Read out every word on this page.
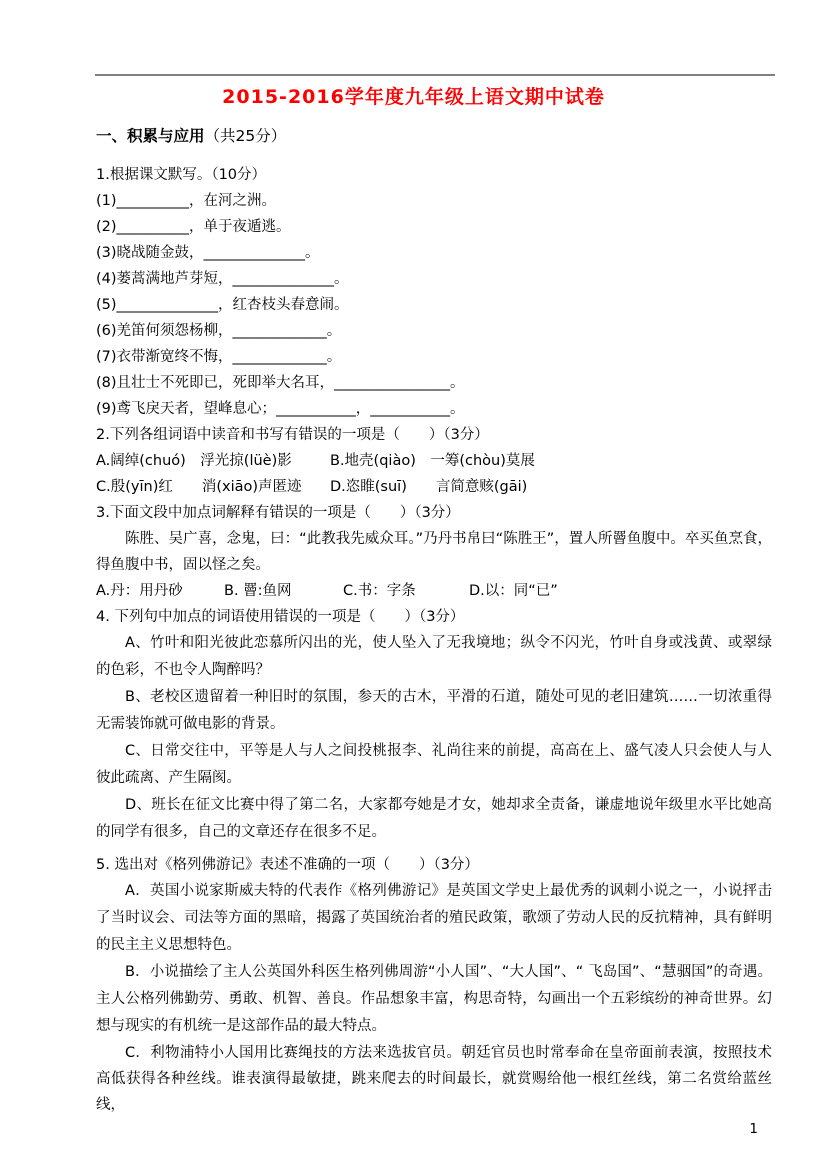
2015-2016学年度九年级上语文期中试卷
一、积累与应用（共25分）
1.根据课文默写。（10分）
(1)__________，在河之洲。
(2)__________，单于夜遁逃。
(3)晓战随金鼓，______________。
(4)蒌蒿满地芦芽短，______________。
(5)______________，红杏枝头春意闹。
(6)羌笛何须怨杨柳，_____________。
(7)衣带渐宽终不悔，_____________。
(8)且壮士不死即已，死即举大名耳，________________。
(9)鸢飞戾天者，望峰息心；___________，___________。
2.下列各组词语中读音和书写有错误的一项是（　　）（3分）
A.阔绰(chuó)　浮光掠(lüè)影	B.地壳(qiào)　一筹(chòu)莫展
C.殷(yīn)红　　消(xiāo)声匿迹	D.恣睢(suī)　　言简意赅(gāi)
3.下面文段中加点词解释有错误的一项是（　　）（3分）

陈胜、吴广喜，念鬼，曰：“此教我先威众耳。”乃丹书帛曰“陈胜王”，置人所罾鱼腹中。卒买鱼烹食，得鱼腹中书，固以怪之矣。

A.丹：用丹砂	B. 罾:鱼网	C.书：字条	D.以：同“已”
4. 下列句中加点的词语使用错误的一项是（　　）（3分）

A、竹叶和阳光彼此恋慕所闪出的光，使人坠入了无我境地；纵令不闪光，竹叶自身或浅黄、或翠绿的色彩，不也令人陶醉吗？

B、老校区遗留着一种旧时的氛围，参天的古木，平滑的石道，随处可见的老旧建筑……一切浓重得无需装饰就可做电影的背景。

C、日常交往中，平等是人与人之间投桃报李、礼尚往来的前提，高高在上、盛气凌人只会使人与人彼此疏离、产生隔阂。

D、班长在征文比赛中得了第二名，大家都夸她是才女，她却求全责备，谦虚地说年级里水平比她高的同学有很多，自己的文章还存在很多不足。

5. 选出对《格列佛游记》表述不准确的一项（　　）（3分）

A．英国小说家斯威夫特的代表作《格列佛游记》是英国文学史上最优秀的讽刺小说之一，小说抨击了当时议会、司法等方面的黑暗，揭露了英国统治者的殖民政策，歌颂了劳动人民的反抗精神，具有鲜明的民主主义思想特色。

B．小说描绘了主人公英国外科医生格列佛周游“小人国”、“大人国”、“ 飞岛国”、“慧骃国”的奇遇。主人公格列佛勤劳、勇敢、机智、善良。作品想象丰富，构思奇特，勾画出一个五彩缤纷的神奇世界。幻想与现实的有机统一是这部作品的最大特点。

C．利物浦特小人国用比赛绳技的方法来选拔官员。朝廷官员也时常奉命在皇帝面前表演，按照技术高低获得各种丝线。谁表演得最敏捷，跳来爬去的时间最长，就赏赐给他一根红丝线，第二名赏给蓝丝线，

1
